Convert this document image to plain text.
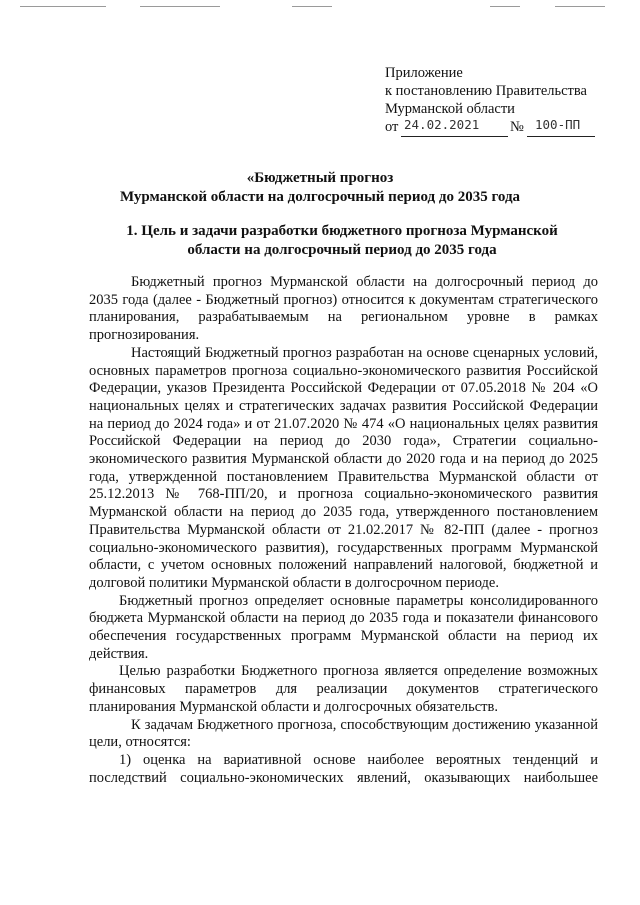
Приложение
к постановлению Правительства
Мурманской области
от 24.02.2021 № 100-ПП
«Бюджетный прогноз
Мурманской области на долгосрочный период до 2035 года
1. Цель и задачи разработки бюджетного прогноза Мурманской
области на долгосрочный период до 2035 года

Бюджетный прогноз Мурманской области на долгосрочный период до 2035 года (далее - Бюджетный прогноз) относится к документам стратегического планирования, разрабатываемым на региональном уровне в рамках прогнозирования.

Настоящий Бюджетный прогноз разработан на основе сценарных условий, основных параметров прогноза социально-экономического развития Российской Федерации, указов Президента Российской Федерации от 07.05.2018 № 204 «О национальных целях и стратегических задачах развития Российской Федерации на период до 2024 года» и от 21.07.2020 № 474 «О национальных целях развития Российской Федерации на период до 2030 года», Стратегии социально-экономического развития Мурманской области до 2020 года и на период до 2025 года, утвержденной постановлением Правительства Мурманской области от 25.12.2013 № 768-ПП/20, и прогноза социально-экономического развития Мурманской области на период до 2035 года, утвержденного постановлением Правительства Мурманской области от 21.02.2017 № 82-ПП (далее - прогноз социально-экономического развития), государственных программ Мурманской области, с учетом основных положений направлений налоговой, бюджетной и долговой политики Мурманской области в долгосрочном периоде.

Бюджетный прогноз определяет основные параметры консолидированного бюджета Мурманской области на период до 2035 года и показатели финансового обеспечения государственных программ Мурманской области на период их действия.

Целью разработки Бюджетного прогноза является определение возможных финансовых параметров для реализации документов стратегического планирования Мурманской области и долгосрочных обязательств.

К задачам Бюджетного прогноза, способствующим достижению указанной цели, относятся:

1) оценка на вариативной основе наиболее вероятных тенденций и последствий социально-экономических явлений, оказывающих наибольшее
